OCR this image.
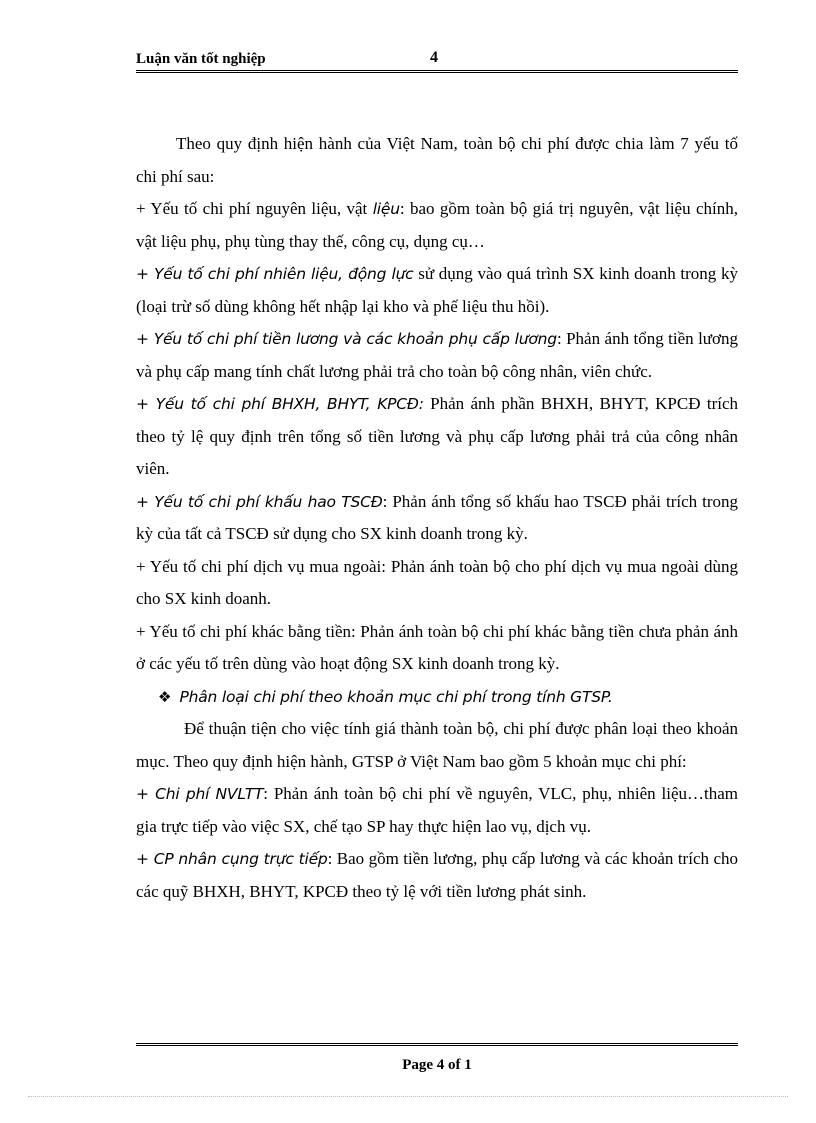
Luận văn tốt nghiệp	4

Theo quy định hiện hành của Việt Nam, toàn bộ chi phí được chia làm 7 yếu tố chi phí sau:

+ Yếu tố chi phí nguyên liệu, vật liệu: bao gồm toàn bộ giá trị nguyên, vật liệu chính, vật liệu phụ, phụ tùng thay thế, công cụ, dụng cụ…

+ Yếu tố chi phí nhiên liệu, động lực sử dụng vào quá trình SX kinh doanh trong kỳ (loại trừ số dùng không hết nhập lại kho và phế liệu thu hồi).

+ Yếu tố chi phí tiền lương và các khoản phụ cấp lương: Phản ánh tổng tiền lương và phụ cấp mang tính chất lương phải trả cho toàn bộ công nhân, viên chức.

+ Yếu tố chi phí BHXH, BHYT, KPCĐ: Phản ánh phần BHXH, BHYT, KPCĐ trích theo tỷ lệ quy định trên tổng số tiền lương và phụ cấp lương phải trả của công nhân viên.

+ Yếu tố chi phí khấu hao TSCĐ: Phản ánh tổng số khấu hao TSCĐ phải trích trong kỳ của tất cả TSCĐ sử dụng cho SX kinh doanh trong kỳ.

+ Yếu tố chi phí dịch vụ mua ngoài: Phản ánh toàn bộ cho phí dịch vụ mua ngoài dùng cho SX kinh doanh.

+ Yếu tố chi phí khác bằng tiền: Phản ánh toàn bộ chi phí khác bằng tiền chưa phản ánh ở các yếu tố trên dùng vào hoạt động SX kinh doanh trong kỳ.

❖ Phân loại chi phí theo khoản mục chi phí trong tính GTSP.

Để thuận tiện cho việc tính giá thành toàn bộ, chi phí được phân loại theo khoản mục. Theo quy định hiện hành, GTSP ở Việt Nam bao gồm 5 khoản mục chi phí:

+ Chi phí NVLTT: Phản ánh toàn bộ chi phí về nguyên, VLC, phụ, nhiên liệu…tham gia trực tiếp vào việc SX, chế tạo SP hay thực hiện lao vụ, dịch vụ.

+ CP nhân cụng trực tiếp: Bao gồm tiền lương, phụ cấp lương và các khoản trích cho các quỹ BHXH, BHYT, KPCĐ theo tỷ lệ với tiền lương phát sinh.

Page 4 of 1
